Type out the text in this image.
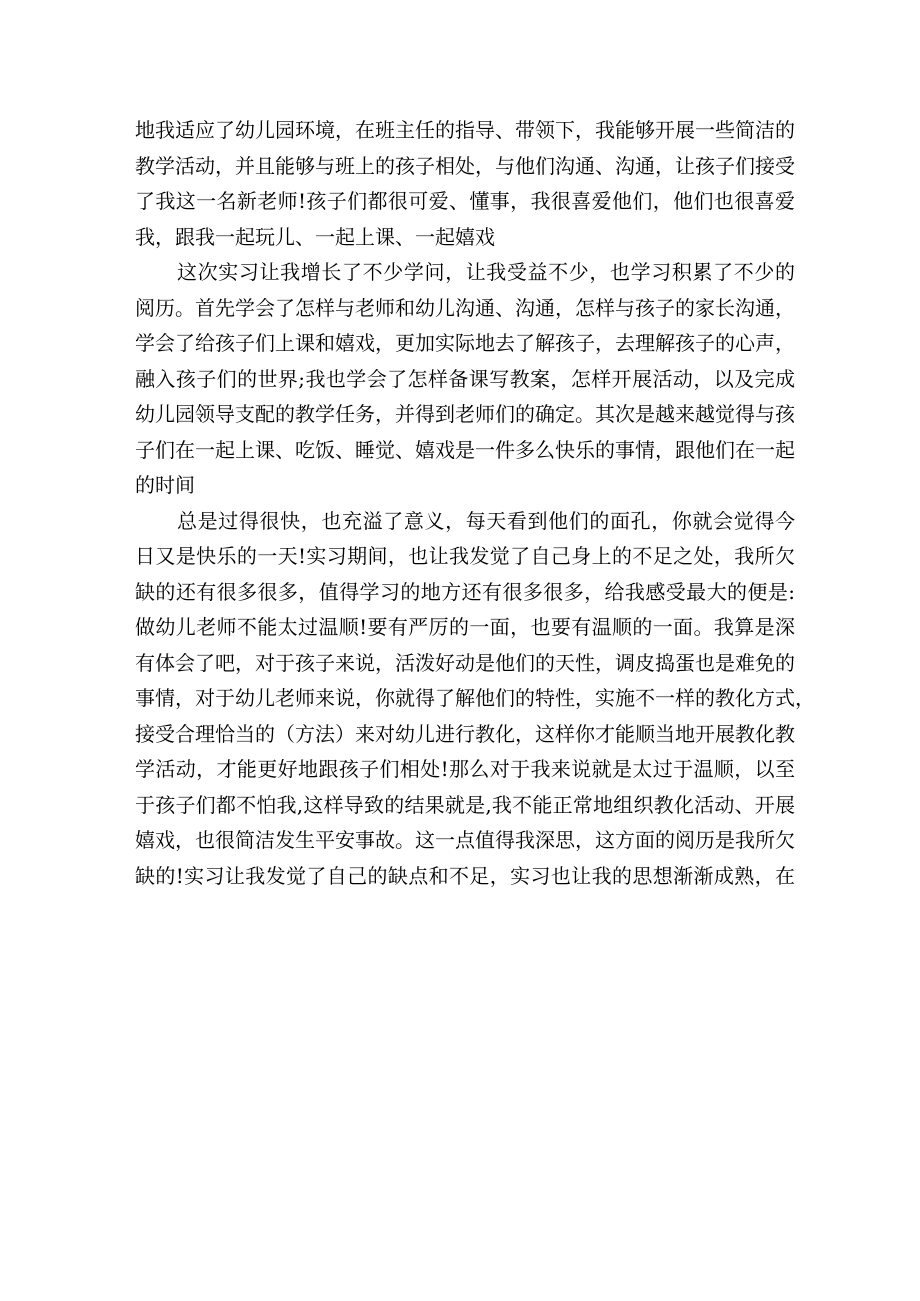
地我适应了幼儿园环境，在班主任的指导、带领下，我能够开展一些简洁的
教学活动，并且能够与班上的孩子相处，与他们沟通、沟通，让孩子们接受
了我这一名新老师!孩子们都很可爱、懂事，我很喜爱他们，他们也很喜爱
我，跟我一起玩儿、一起上课、一起嬉戏
这次实习让我增长了不少学问，让我受益不少，也学习积累了不少的
阅历。首先学会了怎样与老师和幼儿沟通、沟通，怎样与孩子的家长沟通，
学会了给孩子们上课和嬉戏，更加实际地去了解孩子，去理解孩子的心声，
融入孩子们的世界;我也学会了怎样备课写教案，怎样开展活动，以及完成
幼儿园领导支配的教学任务，并得到老师们的确定。其次是越来越觉得与孩
子们在一起上课、吃饭、睡觉、嬉戏是一件多么快乐的事情，跟他们在一起
的时间
总是过得很快，也充溢了意义，每天看到他们的面孔，你就会觉得今
日又是快乐的一天!实习期间，也让我发觉了自己身上的不足之处，我所欠
缺的还有很多很多，值得学习的地方还有很多很多，给我感受最大的便是:
做幼儿老师不能太过温顺!要有严厉的一面，也要有温顺的一面。我算是深
有体会了吧，对于孩子来说，活泼好动是他们的天性，调皮捣蛋也是难免的
事情，对于幼儿老师来说，你就得了解他们的特性，实施不一样的教化方式，
接受合理恰当的（方法）来对幼儿进行教化，这样你才能顺当地开展教化教
学活动，才能更好地跟孩子们相处!那么对于我来说就是太过于温顺，以至
于孩子们都不怕我,这样导致的结果就是,我不能正常地组织教化活动、开展
嬉戏，也很简洁发生平安事故。这一点值得我深思，这方面的阅历是我所欠
缺的!实习让我发觉了自己的缺点和不足，实习也让我的思想渐渐成熟，在
